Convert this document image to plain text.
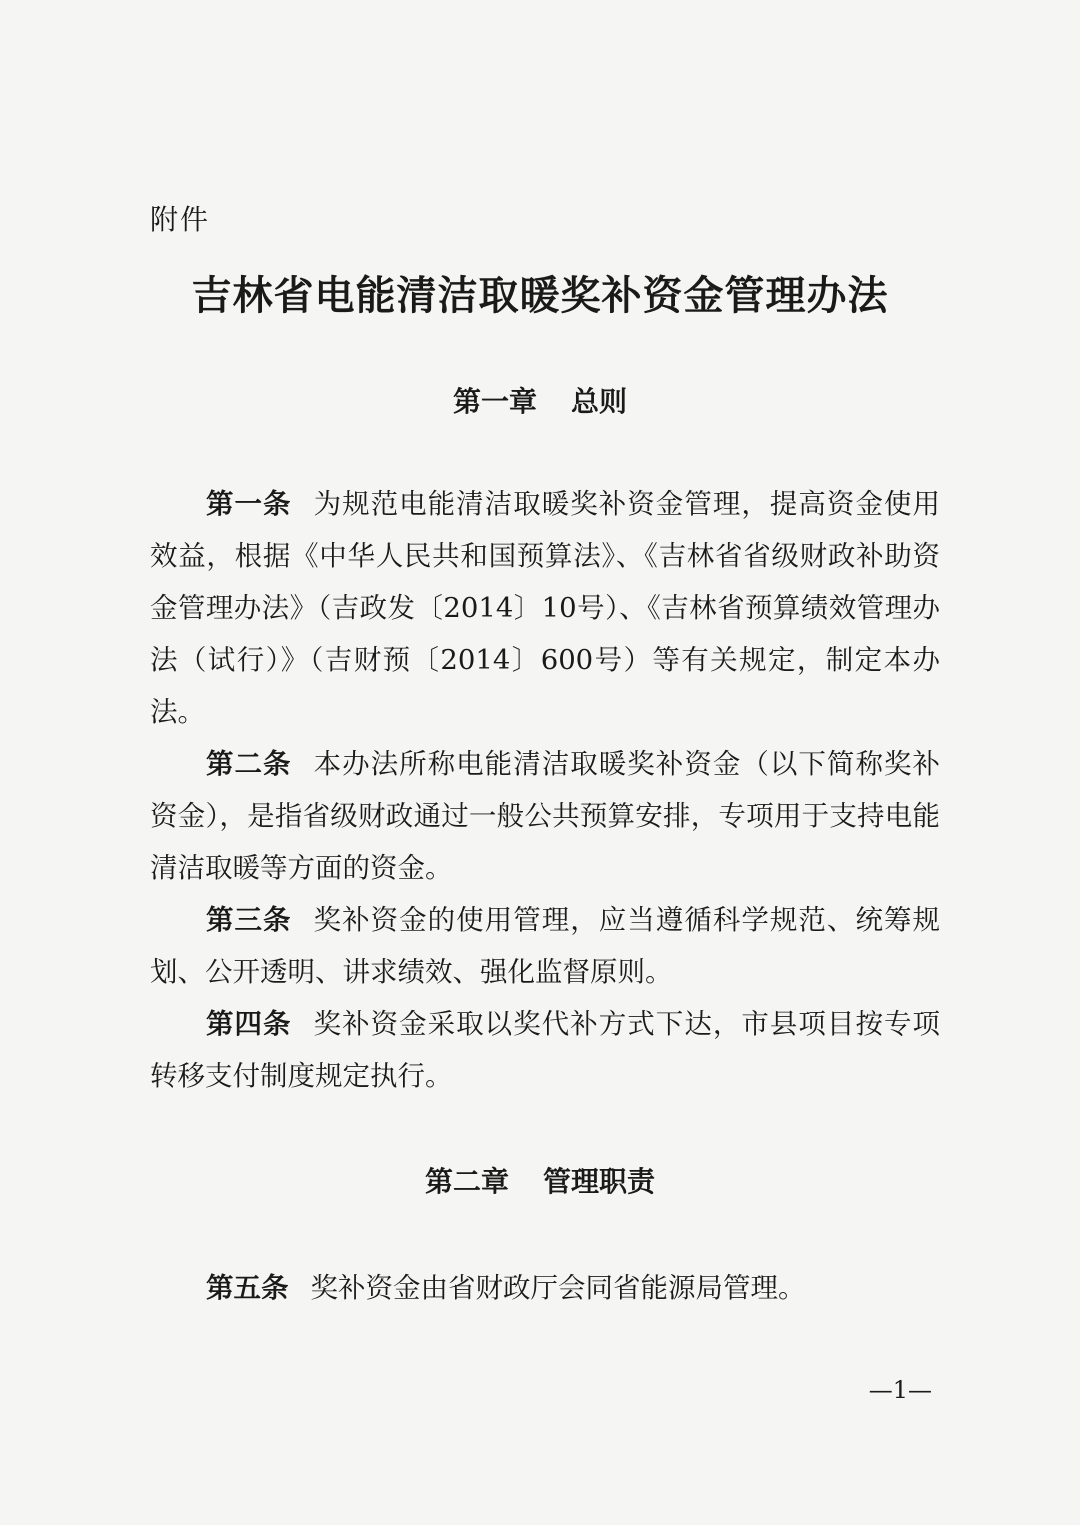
附件
吉林省电能清洁取暖奖补资金管理办法
第一章 总则

第一条 为规范电能清洁取暖奖补资金管理，提高资金使用效益，根据《中华人民共和国预算法》、《吉林省省级财政补助资金管理办法》（吉政发〔2014〕10号）、《吉林省预算绩效管理办法（试行）》（吉财预〔2014〕600号）等有关规定，制定本办法。

第二条 本办法所称电能清洁取暖奖补资金（以下简称奖补资金），是指省级财政通过一般公共预算安排，专项用于支持电能清洁取暖等方面的资金。

第三条 奖补资金的使用管理，应当遵循科学规范、统筹规划、公开透明、讲求绩效、强化监督原则。

第四条 奖补资金采取以奖代补方式下达，市县项目按专项转移支付制度规定执行。

第二章 管理职责

第五条 奖补资金由省财政厅会同省能源局管理。

—1—
